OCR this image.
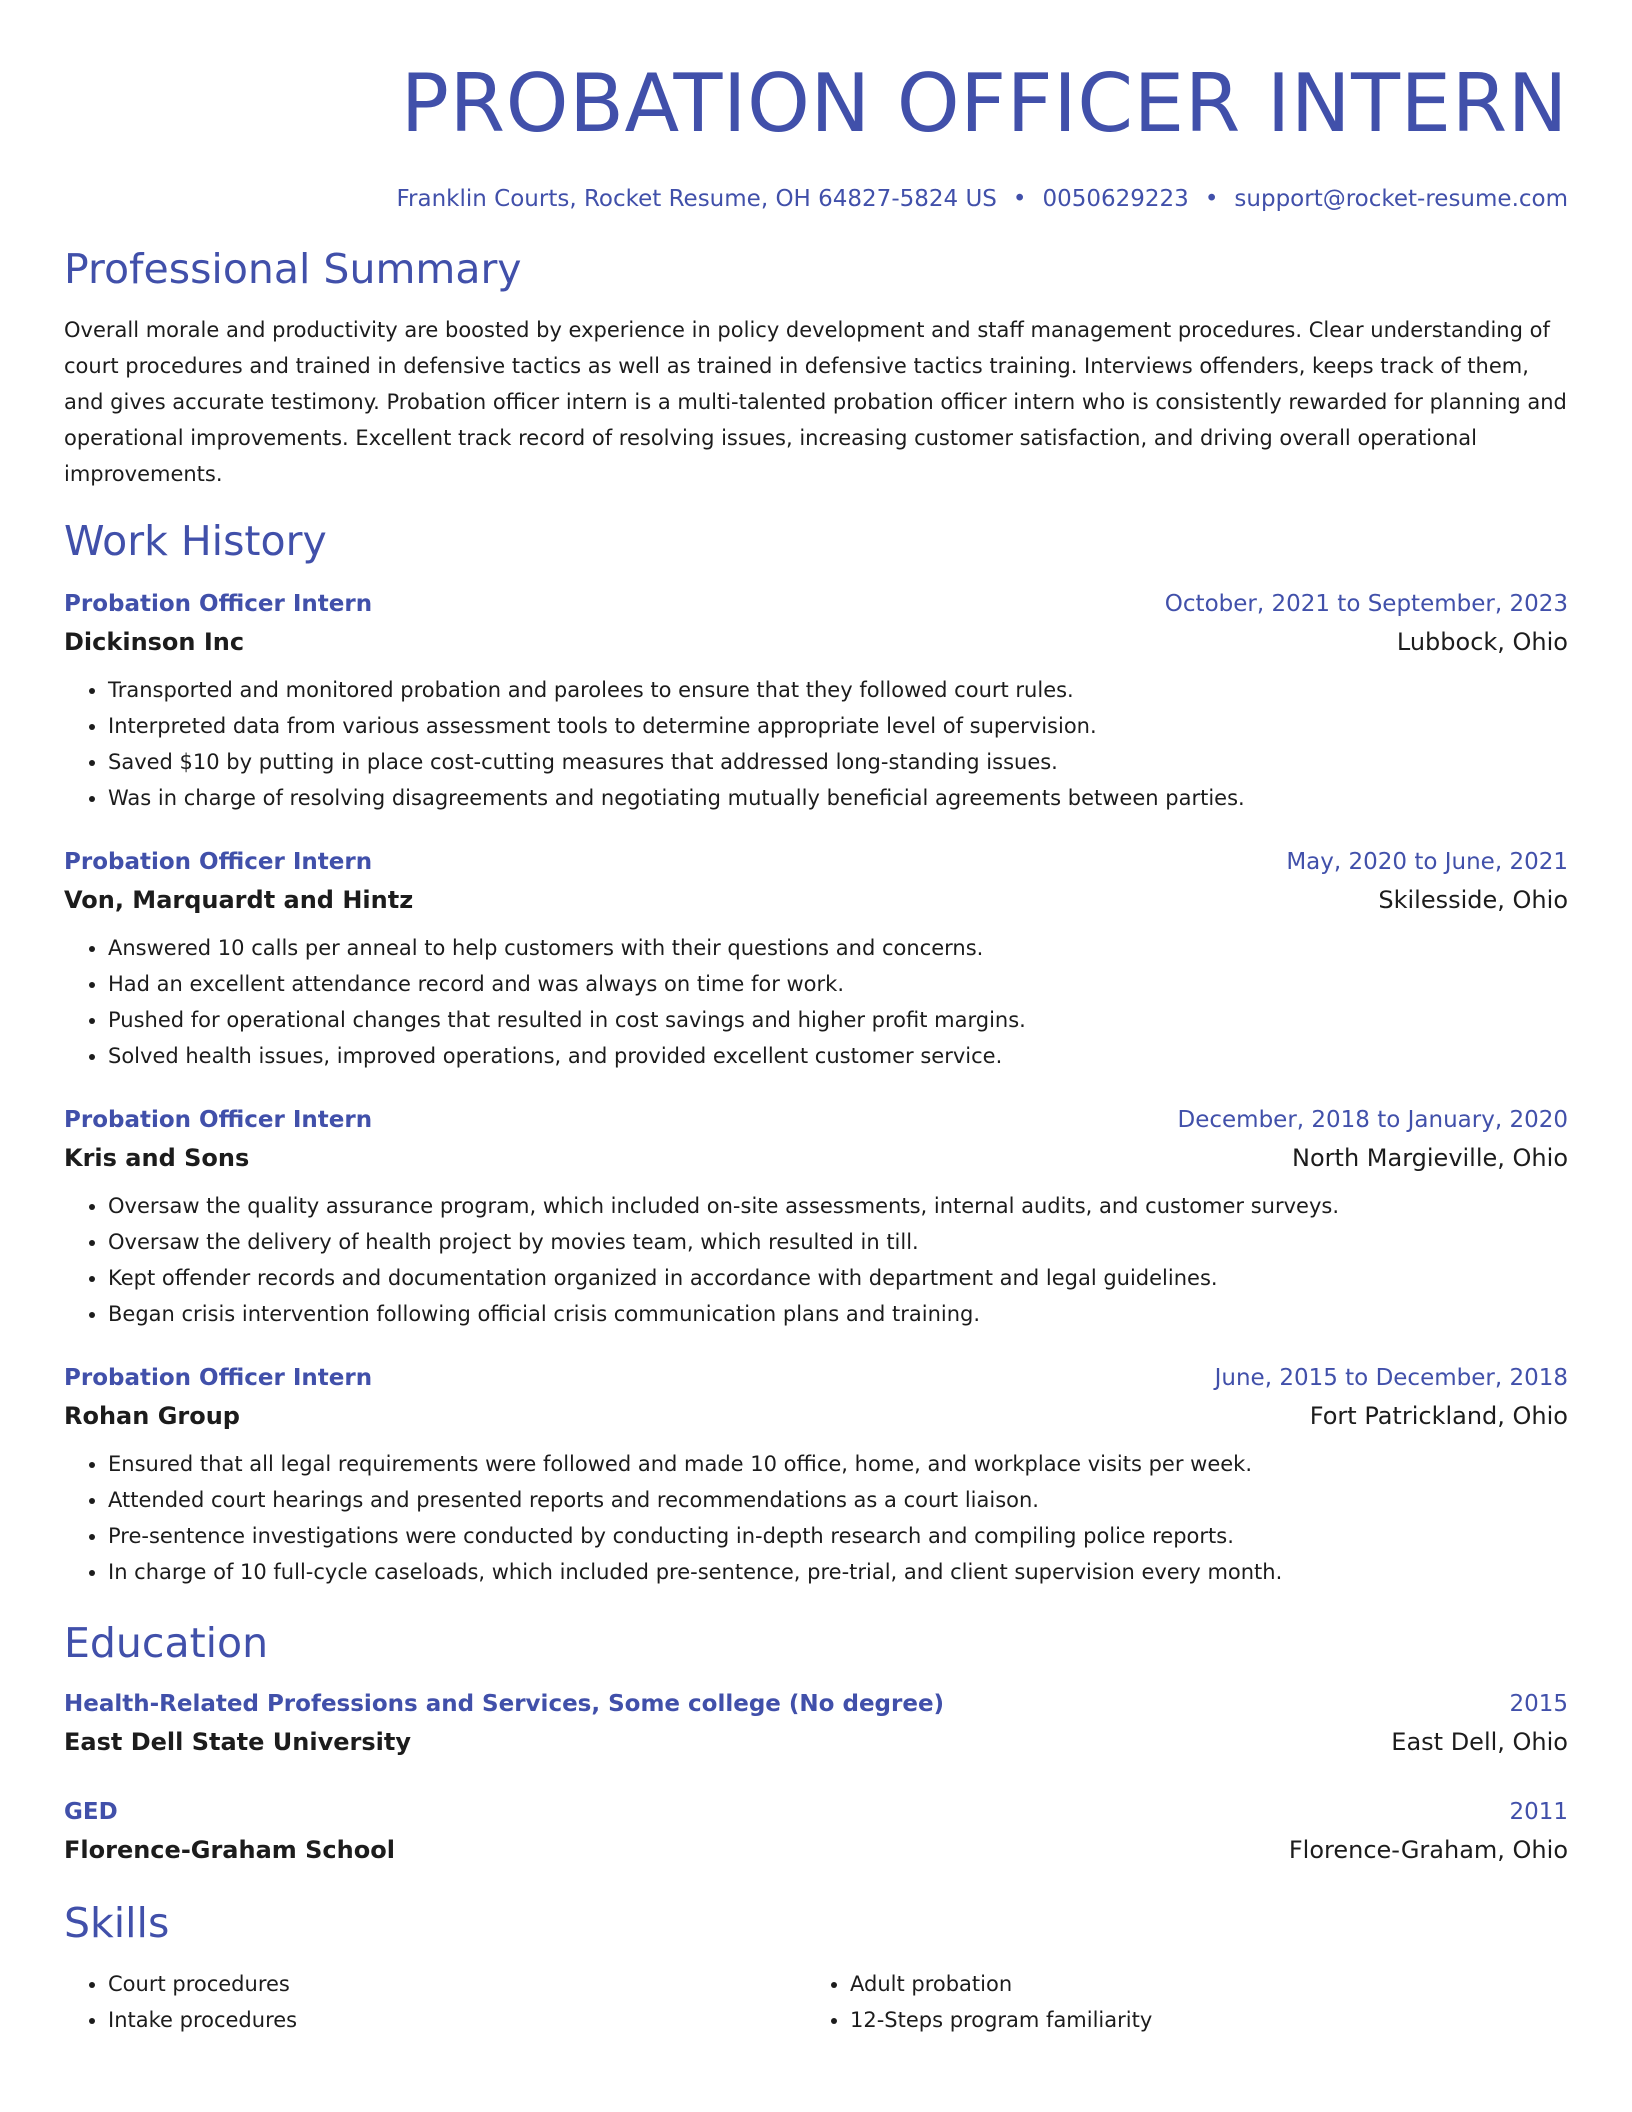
PROBATION OFFICER INTERN
Franklin Courts, Rocket Resume, OH 64827-5824 US • 0050629223 • support@rocket-resume.com
Professional Summary
Overall morale and productivity are boosted by experience in policy development and staff management procedures. Clear understanding of court procedures and trained in defensive tactics as well as trained in defensive tactics training. Interviews offenders, keeps track of them, and gives accurate testimony. Probation officer intern is a multi-talented probation officer intern who is consistently rewarded for planning and operational improvements. Excellent track record of resolving issues, increasing customer satisfaction, and driving overall operational improvements.
Work History
Probation Officer Intern	October, 2021 to September, 2023
Dickinson Inc	Lubbock, Ohio
• Transported and monitored probation and parolees to ensure that they followed court rules.
• Interpreted data from various assessment tools to determine appropriate level of supervision.
• Saved $10 by putting in place cost-cutting measures that addressed long-standing issues.
• Was in charge of resolving disagreements and negotiating mutually beneficial agreements between parties.
Probation Officer Intern	May, 2020 to June, 2021
Von, Marquardt and Hintz	Skilesside, Ohio
• Answered 10 calls per anneal to help customers with their questions and concerns.
• Had an excellent attendance record and was always on time for work.
• Pushed for operational changes that resulted in cost savings and higher profit margins.
• Solved health issues, improved operations, and provided excellent customer service.
Probation Officer Intern	December, 2018 to January, 2020
Kris and Sons	North Margieville, Ohio
• Oversaw the quality assurance program, which included on-site assessments, internal audits, and customer surveys.
• Oversaw the delivery of health project by movies team, which resulted in till.
• Kept offender records and documentation organized in accordance with department and legal guidelines.
• Began crisis intervention following official crisis communication plans and training.
Probation Officer Intern	June, 2015 to December, 2018
Rohan Group	Fort Patrickland, Ohio
• Ensured that all legal requirements were followed and made 10 office, home, and workplace visits per week.
• Attended court hearings and presented reports and recommendations as a court liaison.
• Pre-sentence investigations were conducted by conducting in-depth research and compiling police reports.
• In charge of 10 full-cycle caseloads, which included pre-sentence, pre-trial, and client supervision every month.
Education
Health-Related Professions and Services, Some college (No degree)	2015
East Dell State University	East Dell, Ohio
GED	2011
Florence-Graham School	Florence-Graham, Ohio
Skills
• Court procedures
• Intake procedures
• Adult probation
• 12-Steps program familiarity
